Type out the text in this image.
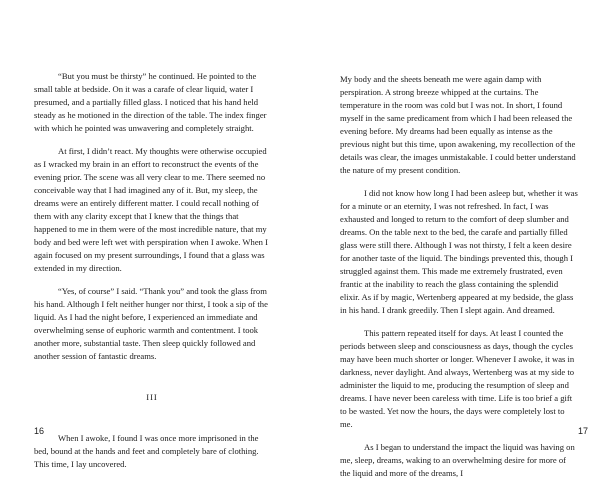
“But you must be thirsty” he continued. He pointed to the small table at bedside. On it was a carafe of clear liquid, water I presumed, and a partially filled glass. I noticed that his hand held steady as he motioned in the direction of the table. The index finger with which he pointed was unwavering and completely straight.

At first, I didn’t react. My thoughts were otherwise occupied as I wracked my brain in an effort to reconstruct the events of the evening prior. The scene was all very clear to me. There seemed no conceivable way that I had imagined any of it. But, my sleep, the dreams were an entirely different matter. I could recall nothing of them with any clarity except that I knew that the things that happened to me in them were of the most incredible nature, that my body and bed were left wet with perspiration when I awoke. When I again focused on my present surroundings, I found that a glass was extended in my direction.

“Yes, of course” I said. “Thank you” and took the glass from his hand. Although I felt neither hunger nor thirst, I took a sip of the liquid. As I had the night before, I experienced an immediate and overwhelming sense of euphoric warmth and contentment. I took another more, substantial taste. Then sleep quickly followed and another session of fantastic dreams.

III

When I awoke, I found I was once more imprisoned in the bed, bound at the hands and feet and completely bare of clothing. This time, I lay uncovered.

16

My body and the sheets beneath me were again damp with perspiration. A strong breeze whipped at the curtains. The temperature in the room was cold but I was not. In short, I found myself in the same predicament from which I had been released the evening before. My dreams had been equally as intense as the previous night but this time, upon awakening, my recollection of the details was clear, the images unmistakable. I could better understand the nature of my present condition.

I did not know how long I had been asleep but, whether it was for a minute or an eternity, I was not refreshed. In fact, I was exhausted and longed to return to the comfort of deep slumber and dreams. On the table next to the bed, the carafe and partially filled glass were still there. Although I was not thirsty, I felt a keen desire for another taste of the liquid. The bindings prevented this, though I struggled against them. This made me extremely frustrated, even frantic at the inability to reach the glass containing the splendid elixir. As if by magic, Wertenberg appeared at my bedside, the glass in his hand. I drank greedily. Then I slept again. And dreamed.

This pattern repeated itself for days. At least I counted the periods between sleep and consciousness as days, though the cycles may have been much shorter or longer. Whenever I awoke, it was in darkness, never daylight. And always, Wertenberg was at my side to administer the liquid to me, producing the resumption of sleep and dreams. I have never been careless with time. Life is too brief a gift to be wasted. Yet now the hours, the days were completely lost to me.

As I began to understand the impact the liquid was having on me, sleep, dreams, waking to an overwhelming desire for more of the liquid and more of the dreams, I

17
